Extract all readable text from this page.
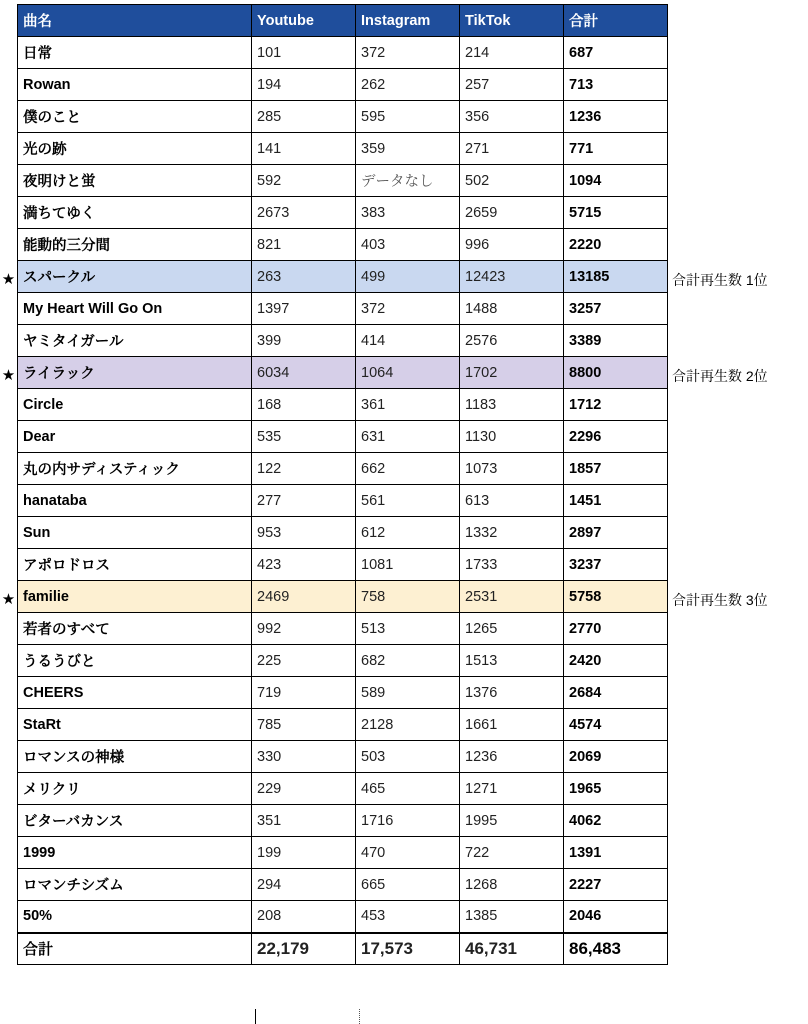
曲名	Youtube	Instagram	TikTok	合計
日常	101	372	214	687
Rowan	194	262	257	713
僕のこと	285	595	356	1236
光の跡	141	359	271	771
夜明けと蛍	592	データなし	502	1094
満ちてゆく	2673	383	2659	5715
能動的三分間	821	403	996	2220
スパークル	263	499	12423	13185
My Heart Will Go On	1397	372	1488	3257
ヤミタイガール	399	414	2576	3389
ライラック	6034	1064	1702	8800
Circle	168	361	1183	1712
Dear	535	631	1130	2296
丸の内サディスティック	122	662	1073	1857
hanataba	277	561	613	1451
Sun	953	612	1332	2897
アポロドロス	423	1081	1733	3237
familie	2469	758	2531	5758
若者のすべて	992	513	1265	2770
うるうびと	225	682	1513	2420
CHEERS	719	589	1376	2684
StaRt	785	2128	1661	4574
ロマンスの神様	330	503	1236	2069
メリクリ	229	465	1271	1965
ビターバカンス	351	1716	1995	4062
1999	199	470	722	1391
ロマンチシズム	294	665	1268	2227
50%	208	453	1385	2046
合計	22,179	17,573	46,731	86,483
★	合計再生数 1位
★	合計再生数 2位
★	合計再生数 3位
